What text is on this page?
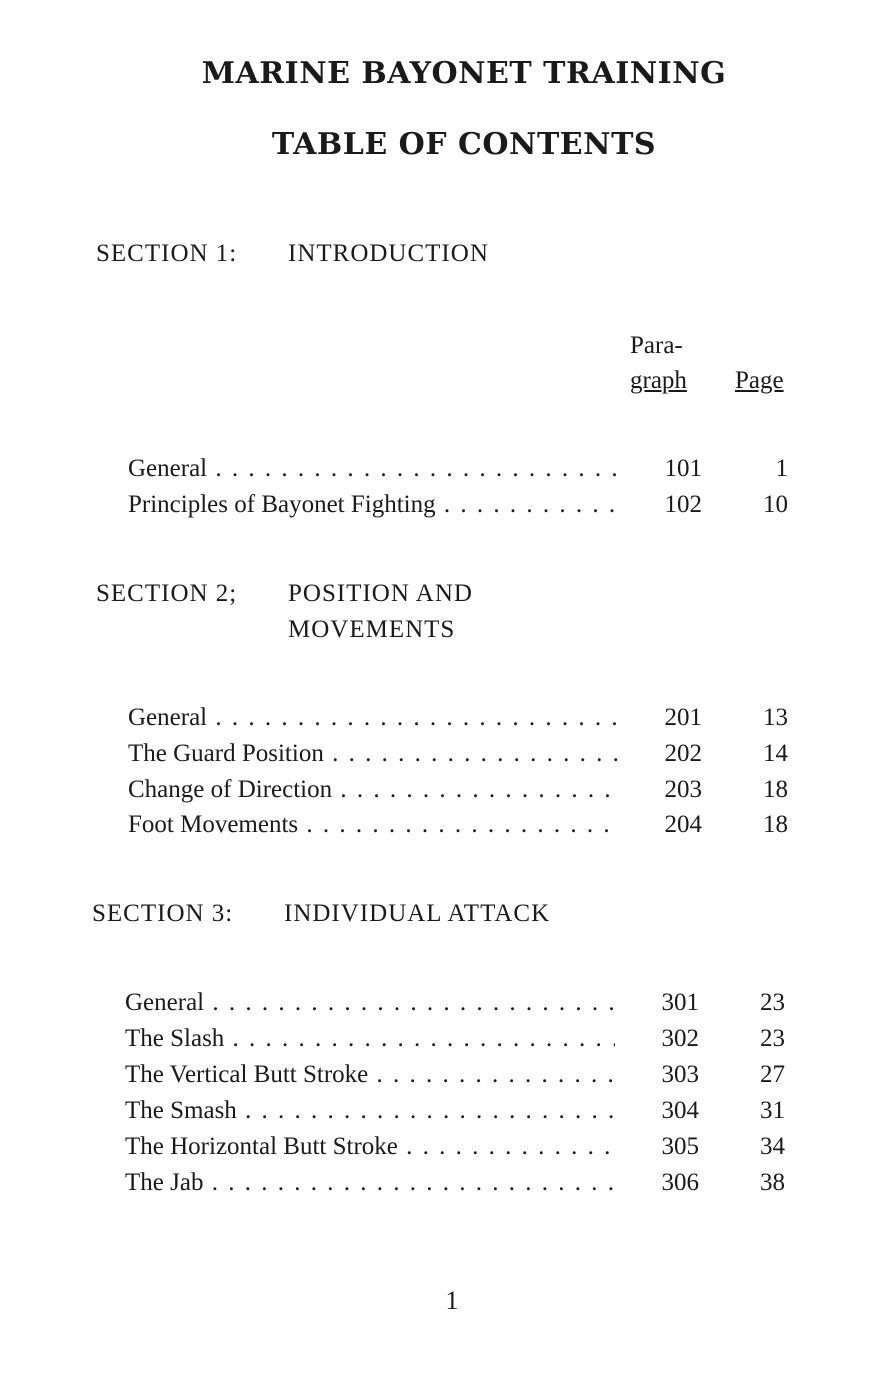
MARINE BAYONET TRAINING
TABLE OF CONTENTS
SECTION 1: INTRODUCTION
Para-
graph Page
General . . .	101	1
Principles of Bayonet Fighting . . .	102	10
SECTION 2; POSITION AND
MOVEMENTS
General . . .	201	13
The Guard Position . . .	202	14
Change of Direction . . .	203	18
Foot Movements . . .	204	18
SECTION 3: INDIVIDUAL ATTACK
General . . .	301	23
The Slash . . .	302	23
The Vertical Butt Stroke . . .	303	27
The Smash . . .	304	31
The Horizontal Butt Stroke . . .	305	34
The Jab . . .	306	38
1
